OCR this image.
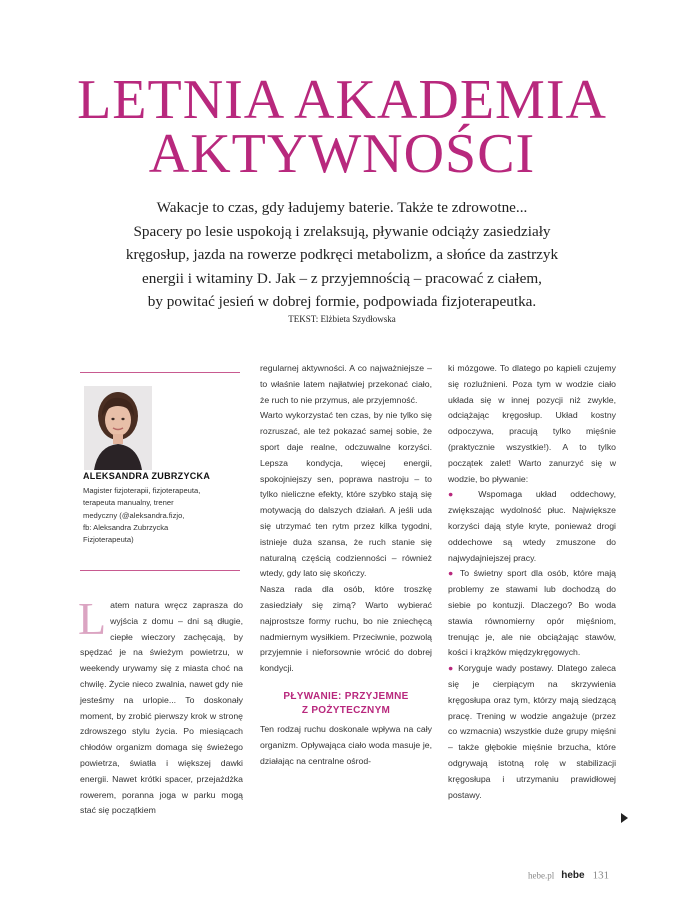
LETNIA AKADEMIA
AKTYWNOŚCI
Wakacje to czas, gdy ładujemy baterie. Także te zdrowotne...
Spacery po lesie uspokoją i zrelaksują, pływanie odciąży zasiedziały
kręgosłup, jazda na rowerze podkręci metabolizm, a słońce da zastrzyk
energii i witaminy D. Jak – z przyjemnością – pracować z ciałem,
by powitać jesień w dobrej formie, podpowiada fizjoterapeutka.
TEKST: Elżbieta Szydłowska
ALEKSANDRA ZUBRZYCKA
Magister fizjoterapii, fizjoterapeuta,
terapeuta manualny, trener
medyczny (@aleksandra.fizjo,
fb: Aleksandra Zubrzycka
Fizjoterapeuta)
L atem natura wręcz zaprasza do wyjścia z domu – dni są długie, ciepłe wieczory zachęcają, by spędzać je na świeżym powietrzu, w weekendy urywamy się z miasta choć na chwilę. Życie nieco zwalnia, nawet gdy nie jesteśmy na urlopie... To doskonały moment, by zrobić pierwszy krok w stronę zdrowszego stylu życia. Po miesiącach chłodów organizm domaga się świeżego powietrza, światła i większej dawki energii. Nawet krótki spacer, przejażdżka rowerem, poranna joga w parku mogą stać się początkiem

regularnej aktywności. A co najważniejsze – to właśnie latem najłatwiej przekonać ciało, że ruch to nie przymus, ale przyjemność.

Warto wykorzystać ten czas, by nie tylko się rozruszać, ale też pokazać samej sobie, że sport daje realne, odczuwalne korzyści. Lepsza kondycja, więcej energii, spokojniejszy sen, poprawa nastroju – to tylko nieliczne efekty, które szybko stają się motywacją do dalszych działań. A jeśli uda się utrzymać ten rytm przez kilka tygodni, istnieje duża szansa, że ruch stanie się naturalną częścią codzienności – również wtedy, gdy lato się skończy.

Nasza rada dla osób, które troszkę zasiedziały się zimą? Warto wybierać najprostsze formy ruchu, bo nie zniechęcą nadmiernym wysiłkiem. Przeciwnie, pozwolą przyjemnie i nieforsownie wrócić do dobrej kondycji.

PŁYWANIE: PRZYJEMNE
Z POŻYTECZNYM

Ten rodzaj ruchu doskonale wpływa na cały organizm. Opływająca ciało woda masuje je, działając na centralne ośrod-

ki mózgowe. To dlatego po kąpieli czujemy się rozluźnieni. Poza tym w wodzie ciało układa się w innej pozycji niż zwykle, odciążając kręgosłup. Układ kostny odpoczywa, pracują tylko mięśnie (praktycznie wszystkie!). A to tylko początek zalet! Warto zanurzyć się w wodzie, bo pływanie:

● Wspomaga układ oddechowy, zwiększając wydolność płuc. Największe korzyści dają style kryte, ponieważ drogi oddechowe są wtedy zmuszone do najwydajniejszej pracy.

● To świetny sport dla osób, które mają problemy ze stawami lub dochodzą do siebie po kontuzji. Dlaczego? Bo woda stawia równomierny opór mięśniom, trenując je, ale nie obciążając stawów, kości i krążków międzykręgowych.

● Koryguje wady postawy. Dlatego zaleca się je cierpiącym na skrzywienia kręgosłupa oraz tym, którzy mają siedzącą pracę. Trening w wodzie angażuje (przez co wzmacnia) wszystkie duże grupy mięśni – także głębokie mięśnie brzucha, które odgrywają istotną rolę w stabilizacji kręgosłupa i utrzymaniu prawidłowej postawy.

hebe.pl hebe 131
